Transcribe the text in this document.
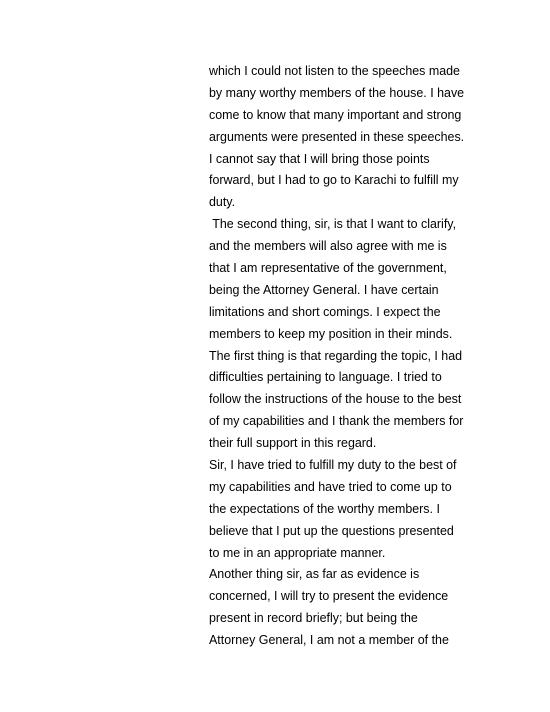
which I could not listen to the speeches made
by many worthy members of the house. I have
come to know that many important and strong
arguments were presented in these speeches.
I cannot say that I will bring those points
forward, but I had to go to Karachi to fulfill my
duty.
The second thing, sir, is that I want to clarify,
and the members will also agree with me is
that I am representative of the government,
being the Attorney General. I have certain
limitations and short comings. I expect the
members to keep my position in their minds.
The first thing is that regarding the topic, I had
difficulties pertaining to language. I tried to
follow the instructions of the house to the best
of my capabilities and I thank the members for
their full support in this regard.
Sir, I have tried to fulfill my duty to the best of
my capabilities and have tried to come up to
the expectations of the worthy members. I
believe that I put up the questions presented
to me in an appropriate manner.
Another thing sir, as far as evidence is
concerned, I will try to present the evidence
present in record briefly; but being the
Attorney General, I am not a member of the
